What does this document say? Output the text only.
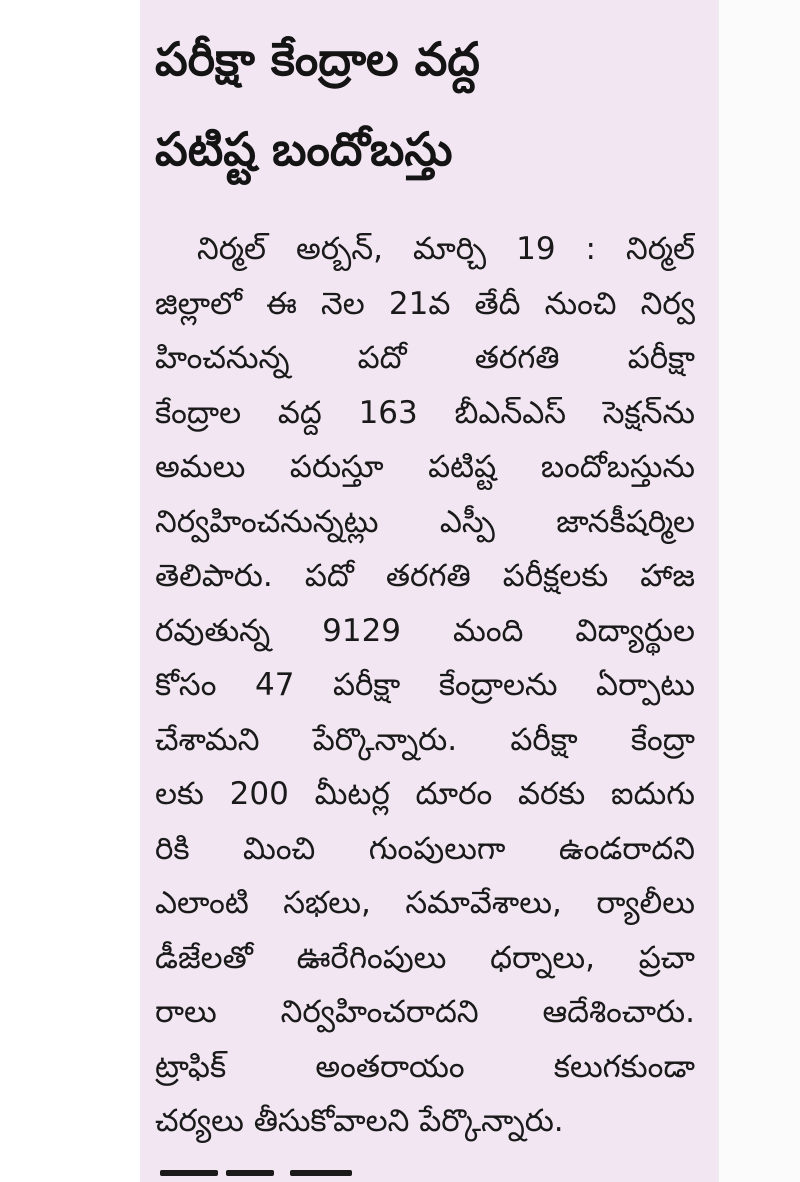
పరీక్షా కేంద్రాల వద్ద
పటిష్ట బందోబస్తు
నిర్మల్ అర్బన్, మార్చి 19 : నిర్మల్
జిల్లాలో ఈ నెల 21వ తేదీ నుంచి నిర్వ
హించనున్న పదో తరగతి పరీక్షా
కేంద్రాల వద్ద 163 బీఎన్ఎస్ సెక్షన్‌ను
అమలు పరుస్తూ పటిష్ట బందోబస్తును
నిర్వహించనున్నట్లు ఎస్పీ జానకీషర్మిల
తెలిపారు. పదో తరగతి పరీక్షలకు హాజ
రవుతున్న 9129 మంది విద్యార్థుల
కోసం 47 పరీక్షా కేంద్రాలను ఏర్పాటు
చేశామని పేర్కొన్నారు. పరీక్షా కేంద్రా
లకు 200 మీటర్ల దూరం వరకు ఐదుగు
రికి మించి గుంపులుగా ఉండరాదని
ఎలాంటి సభలు, సమావేశాలు, ర్యాలీలు
డీజేలతో ఊరేగింపులు ధర్నాలు, ప్రచా
రాలు నిర్వహించరాదని ఆదేశించారు.
ట్రాఫిక్ అంతరాయం కలుగకుండా
చర్యలు తీసుకోవాలని పేర్కొన్నారు.
